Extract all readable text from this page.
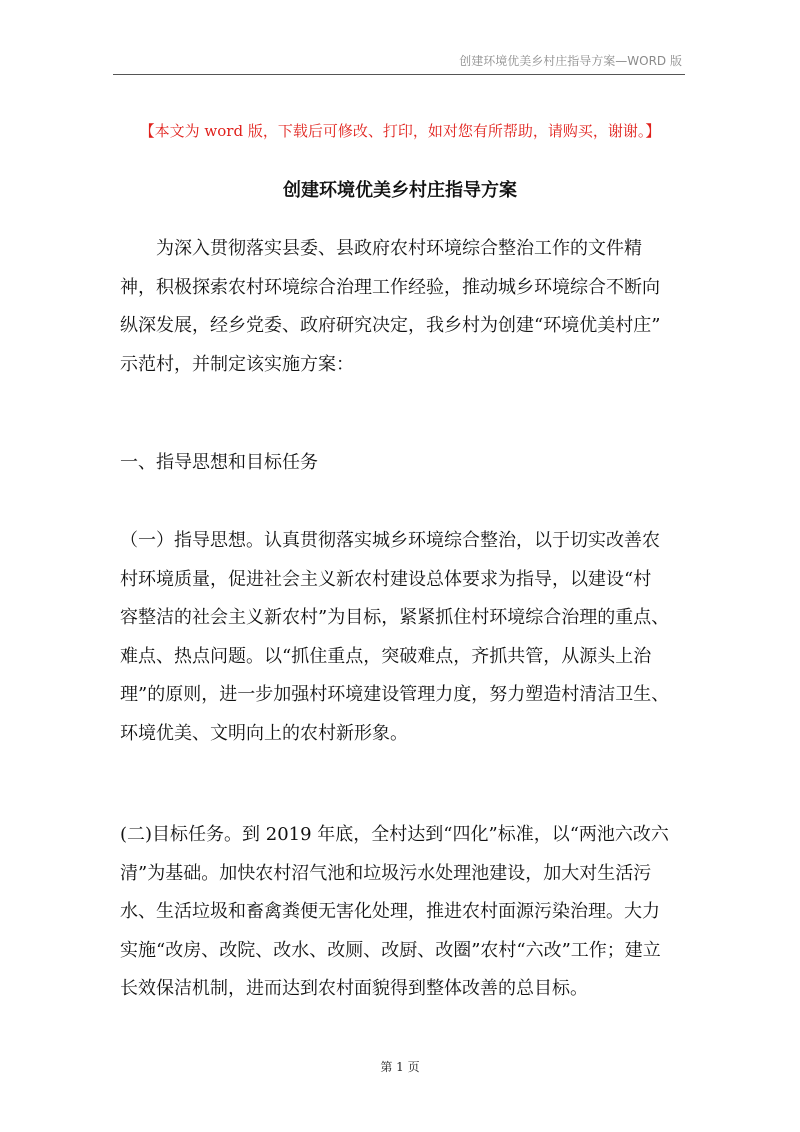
创建环境优美乡村庄指导方案—WORD 版
【本文为 word 版，下载后可修改、打印，如对您有所帮助，请购买，谢谢。】
创建环境优美乡村庄指导方案
　　为深入贯彻落实县委、县政府农村环境综合整治工作的文件精
神，积极探索农村环境综合治理工作经验，推动城乡环境综合不断向
纵深发展，经乡党委、政府研究决定，我乡村为创建“环境优美村庄”
示范村，并制定该实施方案：
一、指导思想和目标任务
（一）指导思想。认真贯彻落实城乡环境综合整治，以于切实改善农
村环境质量，促进社会主义新农村建设总体要求为指导，以建设“村
容整洁的社会主义新农村”为目标，紧紧抓住村环境综合治理的重点、
难点、热点问题。以“抓住重点，突破难点，齐抓共管，从源头上治
理”的原则，进一步加强村环境建设管理力度，努力塑造村清洁卫生、
环境优美、文明向上的农村新形象。
(二)目标任务。到 2019 年底，全村达到“四化”标准，以“两池六改六
清”为基础。加快农村沼气池和垃圾污水处理池建设，加大对生活污
水、生活垃圾和畜禽粪便无害化处理，推进农村面源污染治理。大力
实施“改房、改院、改水、改厕、改厨、改圈”农村“六改”工作；建立
长效保洁机制，进而达到农村面貌得到整体改善的总目标。
第 1 页
